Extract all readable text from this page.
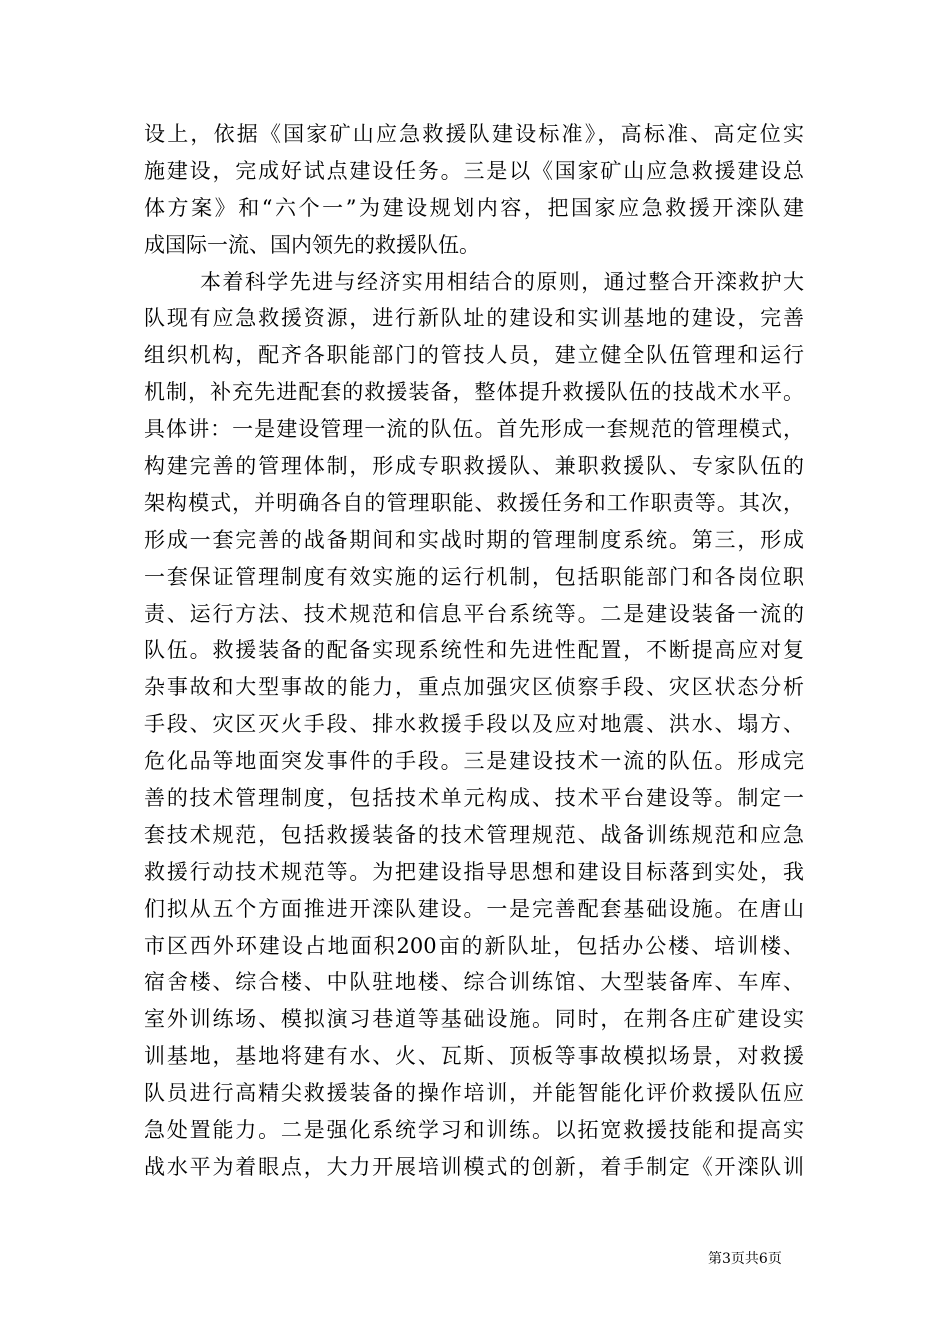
设上，依据《国家矿山应急救援队建设标准》，高标准、高定位实
施建设，完成好试点建设任务。三是以《国家矿山应急救援建设总
体方案》和“六个一”为建设规划内容，把国家应急救援开滦队建
成国际一流、国内领先的救援队伍。
本着科学先进与经济实用相结合的原则，通过整合开滦救护大
队现有应急救援资源，进行新队址的建设和实训基地的建设，完善
组织机构，配齐各职能部门的管技人员，建立健全队伍管理和运行
机制，补充先进配套的救援装备，整体提升救援队伍的技战术水平。
具体讲：一是建设管理一流的队伍。首先形成一套规范的管理模式，
构建完善的管理体制，形成专职救援队、兼职救援队、专家队伍的
架构模式，并明确各自的管理职能、救援任务和工作职责等。其次，
形成一套完善的战备期间和实战时期的管理制度系统。第三，形成
一套保证管理制度有效实施的运行机制，包括职能部门和各岗位职
责、运行方法、技术规范和信息平台系统等。二是建设装备一流的
队伍。救援装备的配备实现系统性和先进性配置，不断提高应对复
杂事故和大型事故的能力，重点加强灾区侦察手段、灾区状态分析
手段、灾区灭火手段、排水救援手段以及应对地震、洪水、塌方、
危化品等地面突发事件的手段。三是建设技术一流的队伍。形成完
善的技术管理制度，包括技术单元构成、技术平台建设等。制定一
套技术规范，包括救援装备的技术管理规范、战备训练规范和应急
救援行动技术规范等。为把建设指导思想和建设目标落到实处，我
们拟从五个方面推进开滦队建设。一是完善配套基础设施。在唐山
市区西外环建设占地面积200亩的新队址，包括办公楼、培训楼、
宿舍楼、综合楼、中队驻地楼、综合训练馆、大型装备库、车库、
室外训练场、模拟演习巷道等基础设施。同时，在荆各庄矿建设实
训基地，基地将建有水、火、瓦斯、顶板等事故模拟场景，对救援
队员进行高精尖救援装备的操作培训，并能智能化评价救援队伍应
急处置能力。二是强化系统学习和训练。以拓宽救援技能和提高实
战水平为着眼点，大力开展培训模式的创新，着手制定《开滦队训
第3页共6页
